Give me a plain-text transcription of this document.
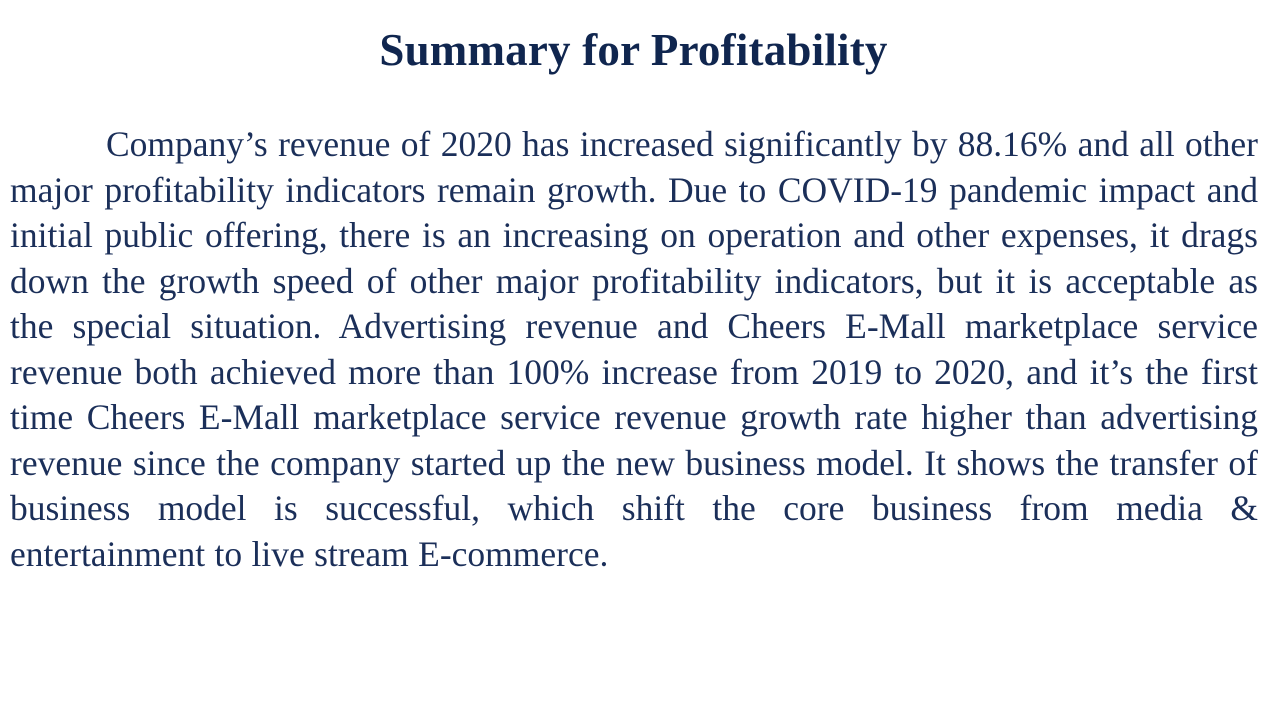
Summary for Profitability
Company’s revenue of 2020 has increased significantly by 88.16% and all other major profitability indicators remain growth. Due to COVID-19 pandemic impact and initial public offering, there is an increasing on operation and other expenses, it drags down the growth speed of other major profitability indicators, but it is acceptable as the special situation. Advertising revenue and Cheers E-Mall marketplace service revenue both achieved more than 100% increase from 2019 to 2020, and it’s the first time Cheers E-Mall marketplace service revenue growth rate higher than advertising revenue since the company started up the new business model. It shows the transfer of business model is successful, which shift the core business from media & entertainment to live stream E-commerce.
